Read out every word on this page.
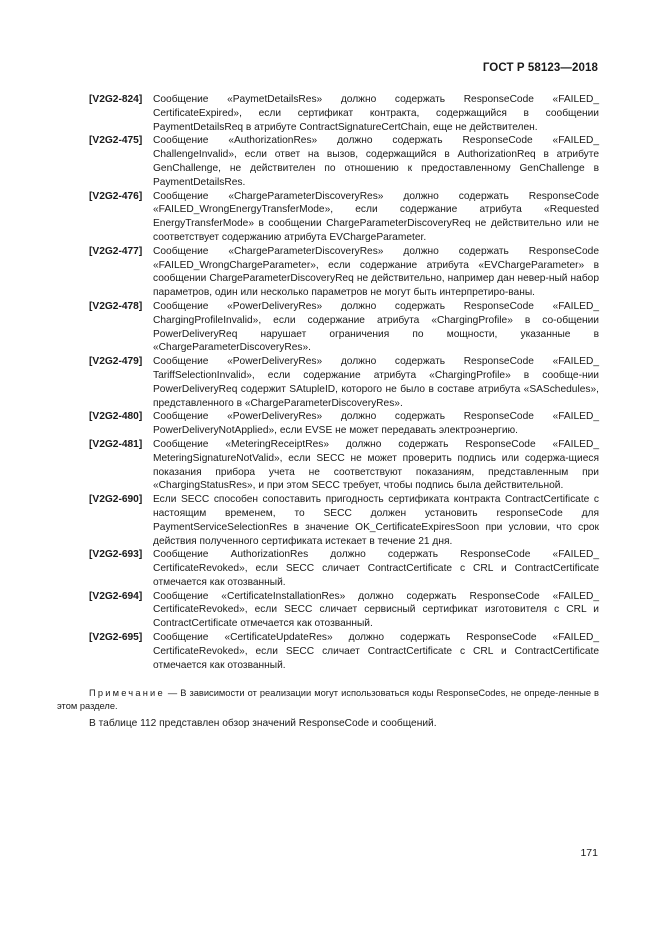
ГОСТ Р 58123—2018
[V2G2-824]	Сообщение «PaymetDetailsRes» должно содержать ResponseCode «FAILED_ CertificateExpired», если сертификат контракта, содержащийся в сообщении PaymentDetailsReq в атрибуте ContractSignatureCertChain, еще не действителен.
[V2G2-475]	Сообщение «AuthorizationRes» должно содержать ResponseCode «FAILED_ ChallengeInvalid», если ответ на вызов, содержащийся в AuthorizationReq в атрибуте GenChallenge, не действителен по отношению к предоставленному GenChallenge в PaymentDetailsRes.
[V2G2-476]	Сообщение «ChargeParameterDiscoveryRes» должно содержать ResponseCode «FAILED_WrongEnergyTransferMode», если содержание атрибута «Requested EnergyTransferMode» в сообщении ChargeParameterDiscoveryReq не действительно или не соответствует содержанию атрибута EVChargeParameter.
[V2G2-477]	Сообщение «ChargeParameterDiscoveryRes» должно содержать ResponseCode «FAILED_WrongChargeParameter», если содержание атрибута «EVChargeParameter» в сообщении ChargeParameterDiscoveryReq не действительно, например дан невер-ный набор параметров, один или несколько параметров не могут быть интерпретиро-ваны.
[V2G2-478]	Сообщение «PowerDeliveryRes» должно содержать ResponseCode «FAILED_ ChargingProfileInvalid», если содержание атрибута «ChargingProfile» в со-общении PowerDeliveryReq нарушает ограничения по мощности, указанные в «ChargeParameterDiscoveryRes».
[V2G2-479]	Сообщение «PowerDeliveryRes» должно содержать ResponseCode «FAILED_ TariffSelectionInvalid», если содержание атрибута «ChargingProfile» в сообще-нии PowerDeliveryReq содержит SAtupleID, которого не было в составе атрибута «SASchedules», представленного в «ChargeParameterDiscoveryRes».
[V2G2-480]	Сообщение «PowerDeliveryRes» должно содержать ResponseCode «FAILED_ PowerDeliveryNotApplied», если EVSE не может передавать электроэнергию.
[V2G2-481]	Сообщение «MeteringReceiptRes» должно содержать ResponseCode «FAILED_ MeteringSignatureNotValid», если SECC не может проверить подпись или содержа-щиеся показания прибора учета не соответствуют показаниям, представленным при «ChargingStatusRes», и при этом SECC требует, чтобы подпись была действительной.
[V2G2-690]	Если SECC способен сопоставить пригодность сертификата контракта ContractCertificate с настоящим временем, то SECC должен установить responseCode для PaymentServiceSelectionRes в значение OK_CertificateExpiresSoon при условии, что срок действия полученного сертификата истекает в течение 21 дня.
[V2G2-693]	Сообщение AuthorizationRes должно содержать ResponseCode «FAILED_ CertificateRevoked», если SECC сличает ContractCertificate с CRL и ContractCertificate отмечается как отозванный.
[V2G2-694]	Сообщение «CertificateInstallationRes» должно содержать ResponseCode «FAILED_ CertificateRevoked», если SECC сличает сервисный сертификат изготовителя с CRL и ContractCertificate отмечается как отозванный.
[V2G2-695]	Сообщение «CertificateUpdateRes» должно содержать ResponseCode «FAILED_ CertificateRevoked», если SECC сличает ContractCertificate с CRL и ContractCertificate отмечается как отозванный.
Примечание — В зависимости от реализации могут использоваться коды ResponseCodes, не опреде-ленные в этом разделе.
В таблице 112 представлен обзор значений ResponseCode и сообщений.
171
